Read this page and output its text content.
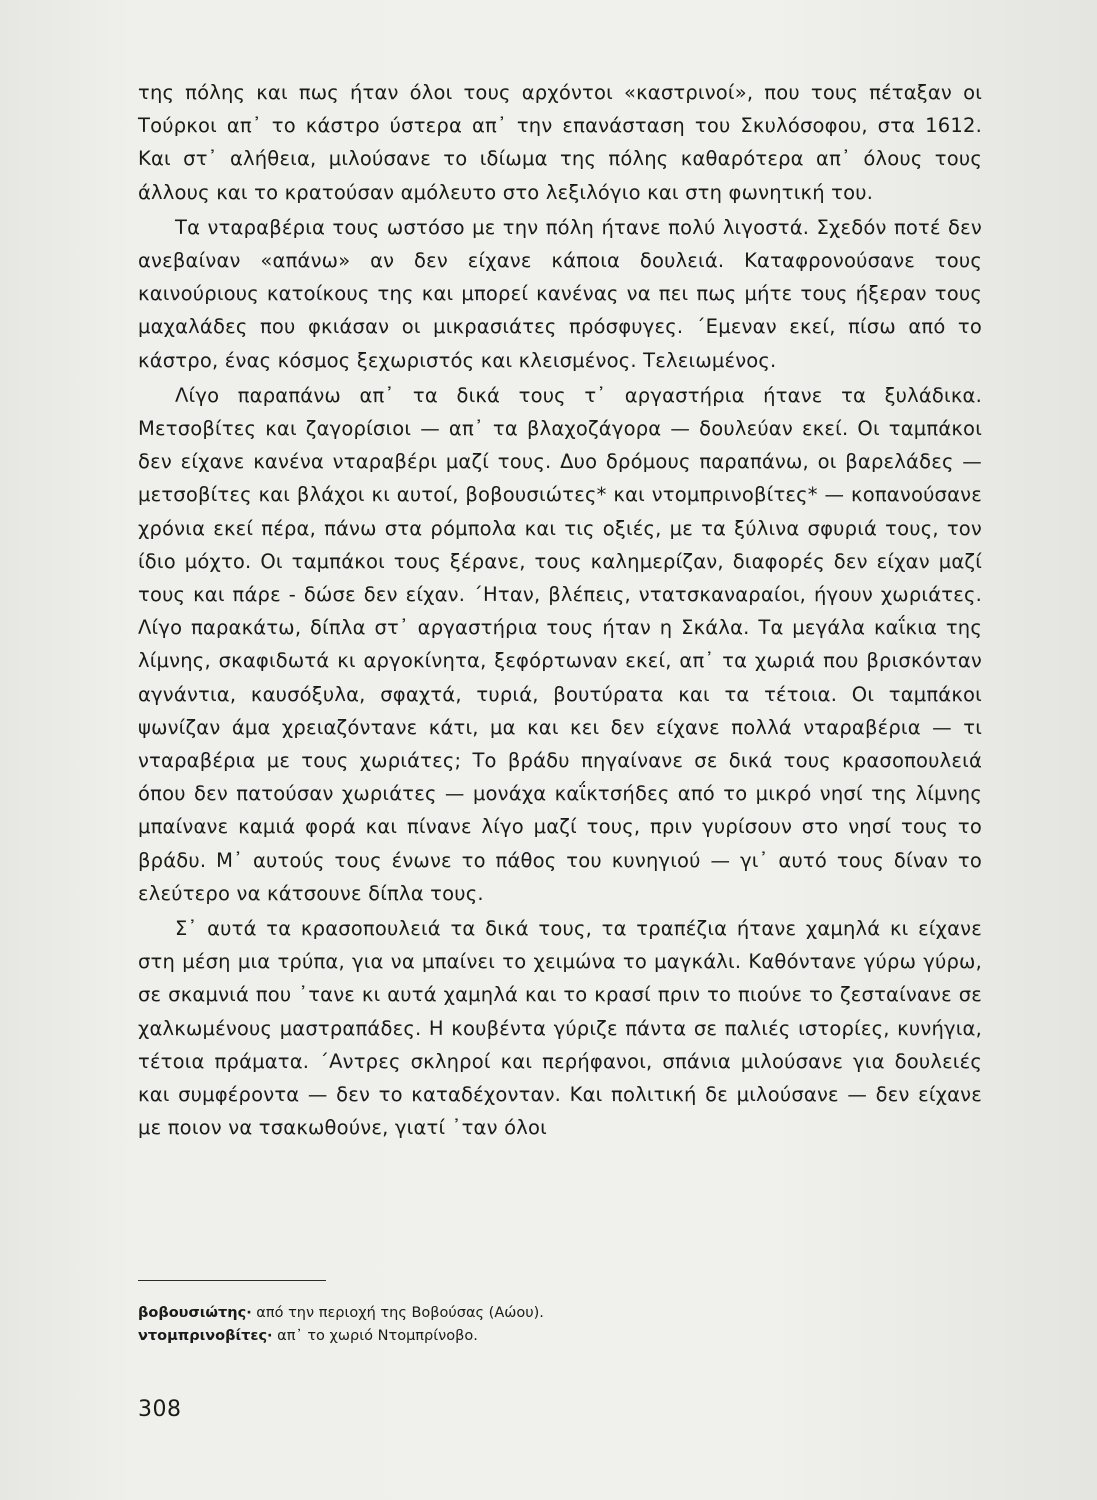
της πόλης και πως ήταν όλοι τους αρχόντοι «καστρινοί», που τους πέταξαν οι Τούρκοι απ᾽ το κάστρο ύστερα απ᾽ την επανάσταση του Σκυλόσοφου, στα 1612. Και στ᾽ αλήθεια, μιλούσανε το ιδίωμα της πόλης καθαρότερα απ᾽ όλους τους άλλους και το κρατούσαν αμόλευτο στο λεξιλόγιο και στη φωνητική του.

Τα νταραβέρια τους ωστόσο με την πόλη ήτανε πολύ λιγοστά. Σχεδόν ποτέ δεν ανεβαίναν «απάνω» αν δεν είχανε κάποια δουλειά. Καταφρονούσανε τους καινούριους κατοίκους της και μπορεί κανένας να πει πως μήτε τους ήξεραν τους μαχαλάδες που φκιάσαν οι μικρασιάτες πρόσφυγες. ΄Εμεναν εκεί, πίσω από το κάστρο, ένας κόσμος ξεχωριστός και κλεισμένος. Τελειωμένος.

Λίγο παραπάνω απ᾽ τα δικά τους τ᾽ αργαστήρια ήτανε τα ξυλάδικα. Μετσοβίτες και ζαγορίσιοι — απ᾽ τα βλαχοζάγορα — δουλεύαν εκεί. Οι ταμπάκοι δεν είχανε κανένα νταραβέρι μαζί τους. Δυο δρόμους παραπάνω, οι βαρελάδες — μετσοβίτες και βλάχοι κι αυτοί, βοβουσιώτες* και ντομπρινοβίτες* — κοπανούσανε χρόνια εκεί πέρα, πάνω στα ρόμπολα και τις οξιές, με τα ξύλινα σφυριά τους, τον ίδιο μόχτο. Οι ταμπάκοι τους ξέρανε, τους καλημερίζαν, διαφορές δεν είχαν μαζί τους και πάρε - δώσε δεν είχαν. ΄Ηταν, βλέπεις, ντατσκαναραίοι, ήγουν χωριάτες. Λίγο παρακάτω, δίπλα στ᾽ αργαστήρια τους ήταν η Σκάλα. Τα μεγάλα καΐκια της λίμνης, σκαφιδωτά κι αργοκίνητα, ξεφόρτωναν εκεί, απ᾽ τα χωριά που βρισκόνταν αγνάντια, καυσόξυλα, σφαχτά, τυριά, βουτύρατα και τα τέτοια. Οι ταμπάκοι ψωνίζαν άμα χρειαζόντανε κάτι, μα και κει δεν είχανε πολλά νταραβέρια — τι νταραβέρια με τους χωριάτες; Το βράδυ πηγαίνανε σε δικά τους κρασοπουλειά όπου δεν πατούσαν χωριάτες — μονάχα καΐκτσήδες από το μικρό νησί της λίμνης μπαίνανε καμιά φορά και πίνανε λίγο μαζί τους, πριν γυρίσουν στο νησί τους το βράδυ. Μ᾽ αυτούς τους ένωνε το πάθος του κυνηγιού — γι᾽ αυτό τους δίναν το ελεύτερο να κάτσουνε δίπλα τους.

Σ᾽ αυτά τα κρασοπουλειά τα δικά τους, τα τραπέζια ήτανε χαμηλά κι είχανε στη μέση μια τρύπα, για να μπαίνει το χειμώνα το μαγκάλι. Καθόντανε γύρω γύρω, σε σκαμνιά που ᾽τανε κι αυτά χαμηλά και το κρασί πριν το πιούνε το ζεσταίνανε σε χαλκωμένους μαστραπάδες. Η κουβέντα γύριζε πάντα σε παλιές ιστορίες, κυνήγια, τέτοια πράματα. ΄Αντρες σκληροί και περήφανοι, σπάνια μιλούσανε για δουλειές και συμφέροντα — δεν το καταδέχονταν. Και πολιτική δε μιλούσανε — δεν είχανε με ποιον να τσακωθούνε, γιατί ᾽ταν όλοι

βοβουσιώτης· από την περιοχή της Βοβούσας (Αώου).
ντομπρινοβίτες· απ᾽ το χωριό Ντομπρίνοβο.
308
